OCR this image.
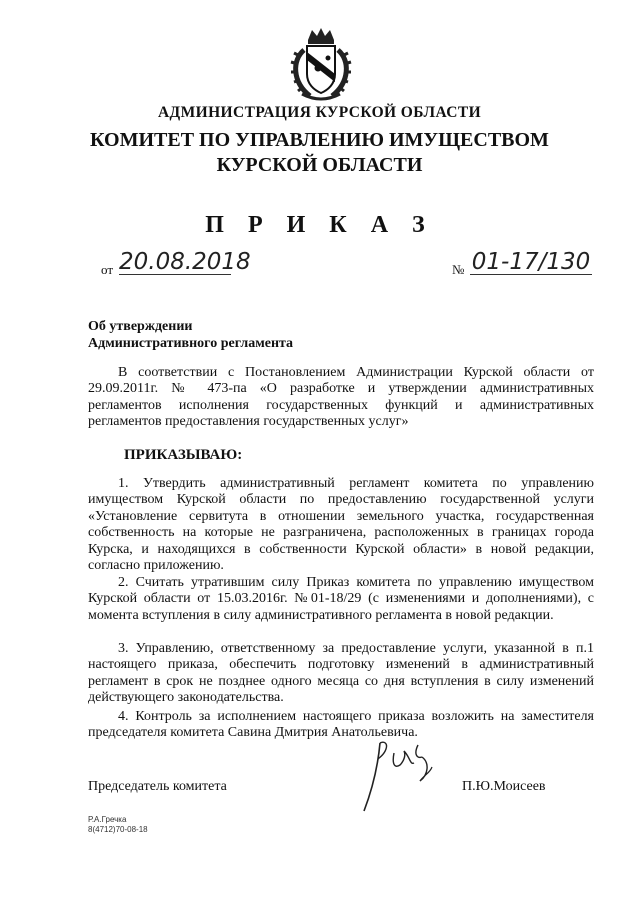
АДМИНИСТРАЦИЯ КУРСКОЙ ОБЛАСТИ
КОМИТЕТ ПО УПРАВЛЕНИЮ ИМУЩЕСТВОМ
КУРСКОЙ ОБЛАСТИ
П Р И К А З
от 20.08.2018	№ 01-17/130
Об утверждении
Административного регламента
В соответствии с Постановлением Администрации Курской области от 29.09.2011г. № 473-па «О разработке и утверждении административных регламентов исполнения государственных функций и административных регламентов предоставления государственных услуг»
ПРИКАЗЫВАЮ:
1. Утвердить административный регламент комитета по управлению имуществом Курской области по предоставлению государственной услуги «Установление сервитута в отношении земельного участка, государственная собственность на которые не разграничена, расположенных в границах города Курска, и находящихся в собственности Курской области» в новой редакции, согласно приложению.
2. Считать утратившим силу Приказ комитета по управлению имуществом Курской области от 15.03.2016г. №01-18/29 (с изменениями и дополнениями), с момента вступления в силу административного регламента в новой редакции.
3. Управлению, ответственному за предоставление услуги, указанной в п.1 настоящего приказа, обеспечить подготовку изменений в административный регламент в срок не позднее одного месяца со дня вступления в силу изменений действующего законодательства.
4. Контроль за исполнением настоящего приказа возложить на заместителя председателя комитета Савина Дмитрия Анатольевича.
Председатель комитета	П.Ю.Моисеев
Р.А.Гречка
8(4712)70-08-18
